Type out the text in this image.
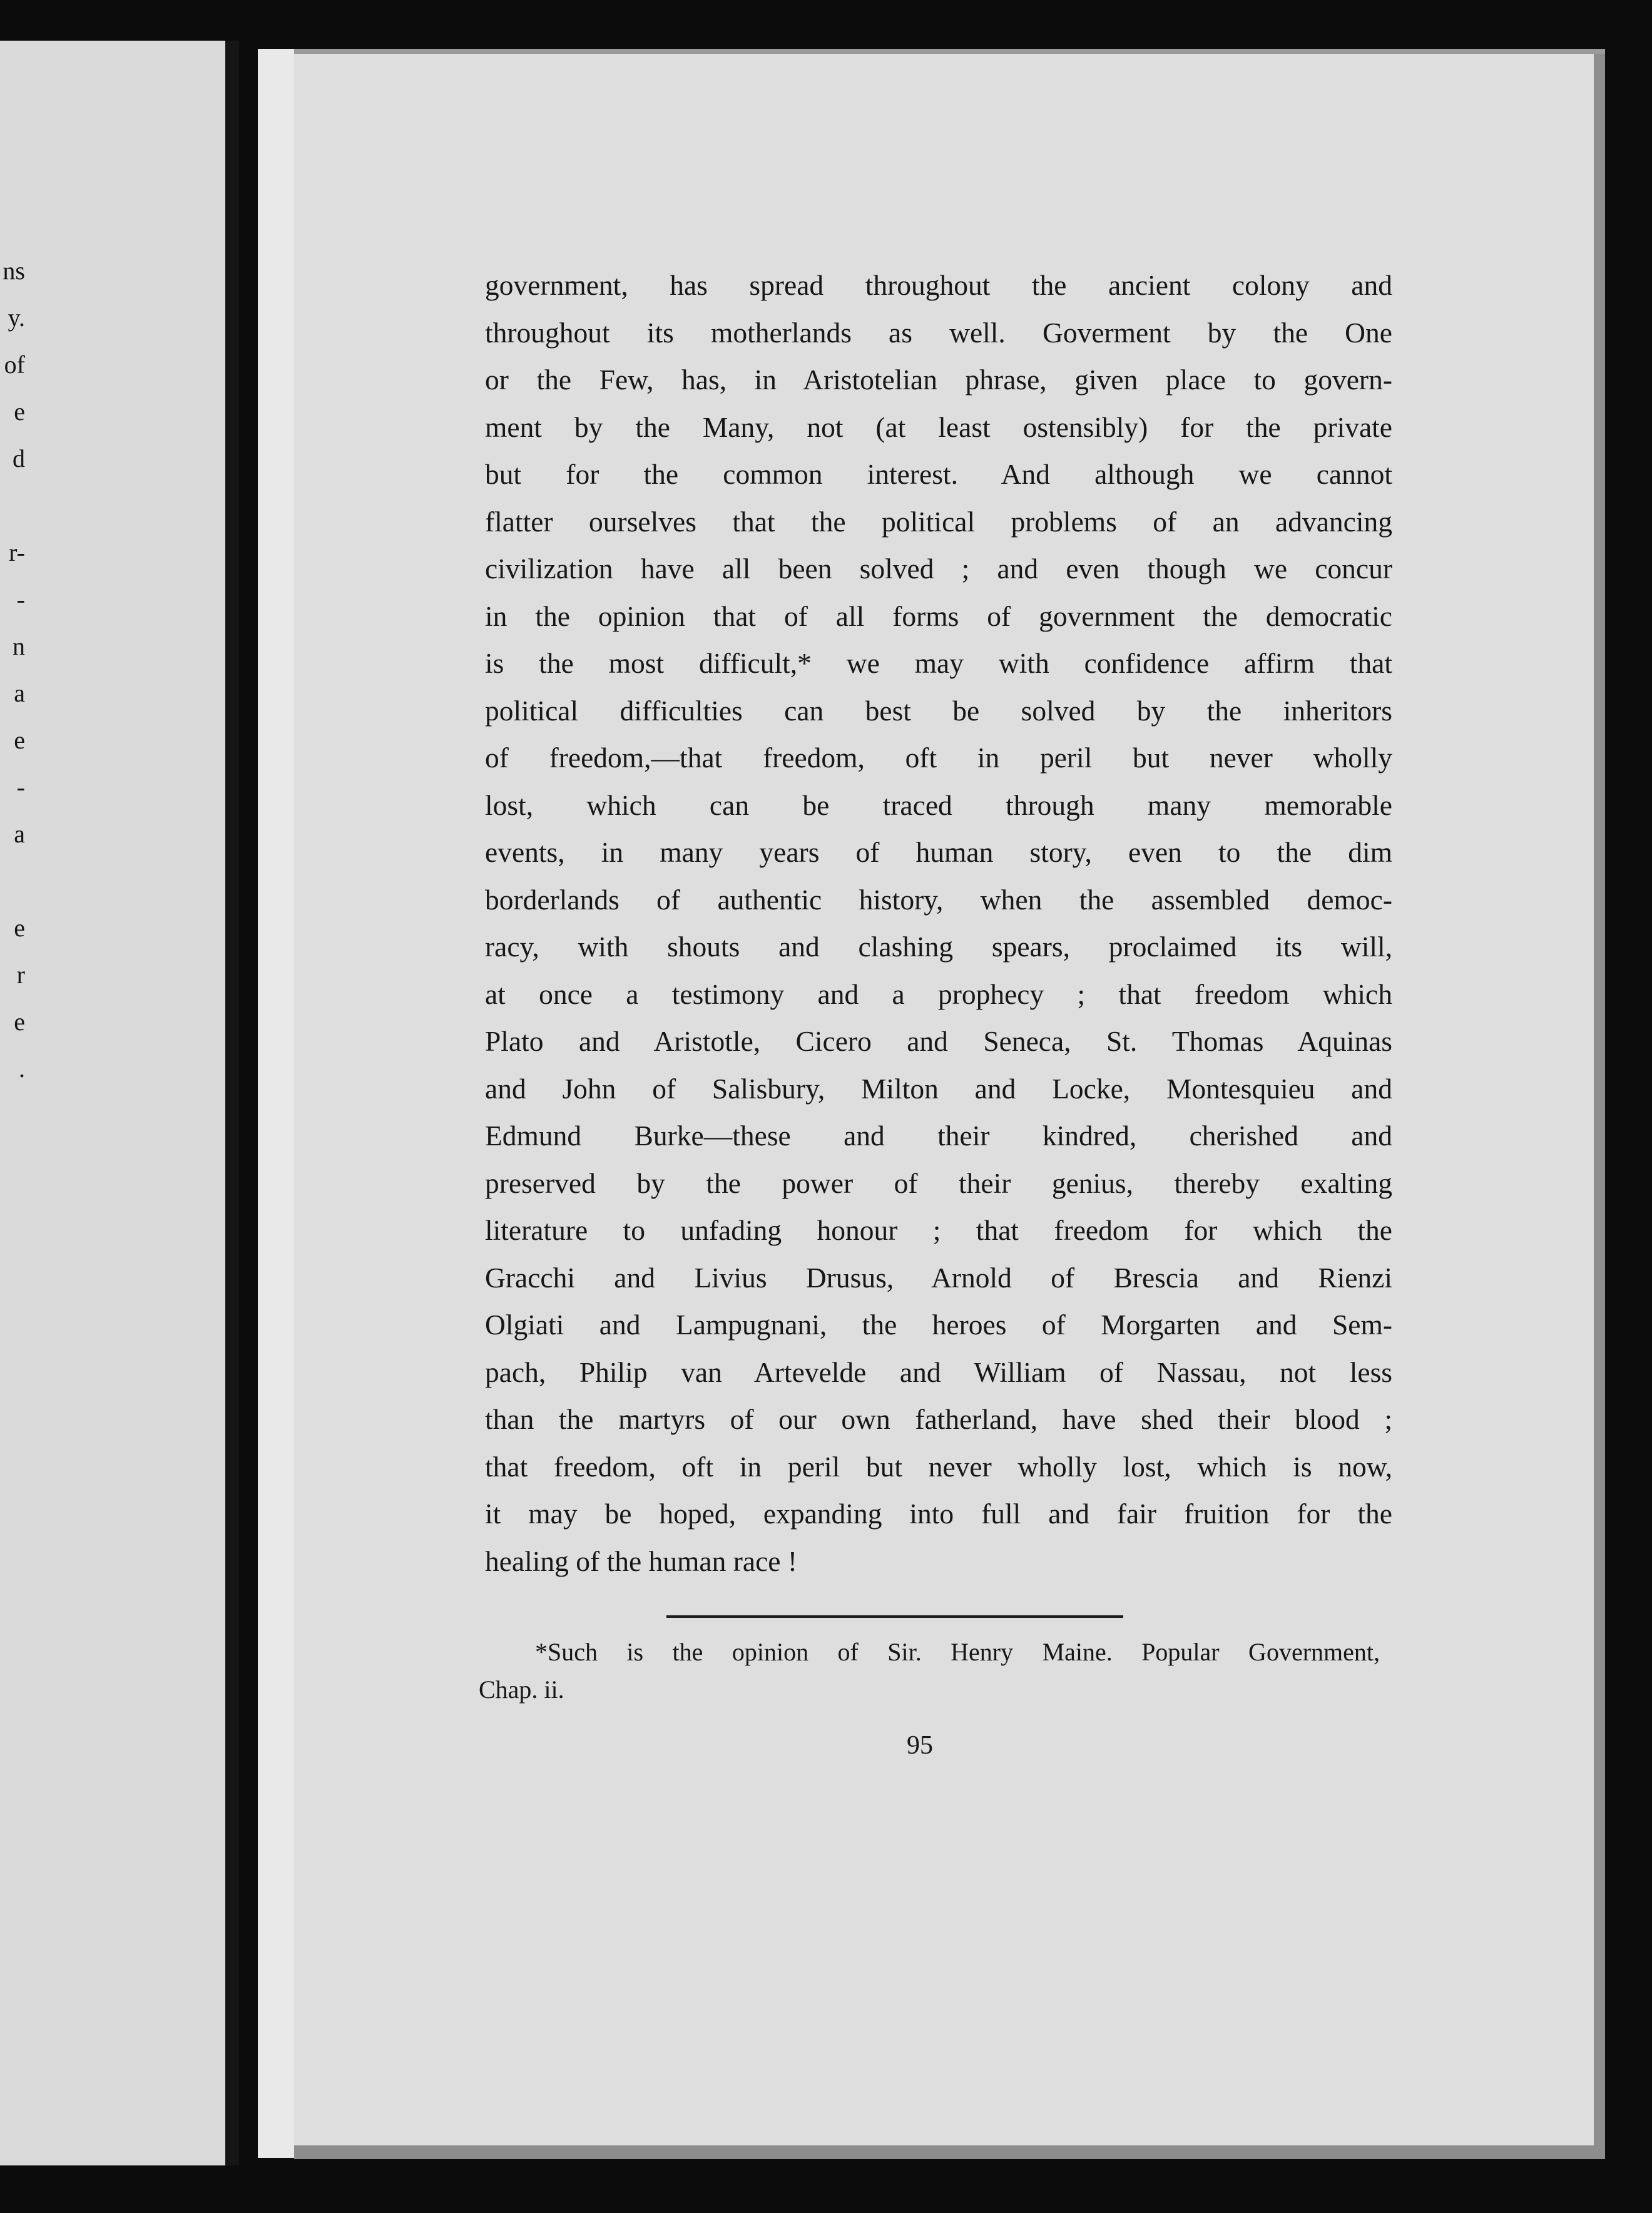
ns
y.
of
e
d
r-
-
n
a
e
-
a
e
r
e
.
government, has spread throughout the ancient colony and
throughout its motherlands as well. Goverment by the One
or the Few, has, in Aristotelian phrase, given place to govern-
ment by the Many, not (at least ostensibly) for the private
but for the common interest. And although we cannot
flatter ourselves that the political problems of an advancing
civilization have all been solved ; and even though we concur
in the opinion that of all forms of government the democratic
is the most difficult,* we may with confidence affirm that
political difficulties can best be solved by the inheritors
of freedom,—that freedom, oft in peril but never wholly
lost, which can be traced through many memorable
events, in many years of human story, even to the dim
borderlands of authentic history, when the assembled democ-
racy, with shouts and clashing spears, proclaimed its will,
at once a testimony and a prophecy ; that freedom which
Plato and Aristotle, Cicero and Seneca, St. Thomas Aquinas
and John of Salisbury, Milton and Locke, Montesquieu and
Edmund Burke—these and their kindred, cherished and
preserved by the power of their genius, thereby exalting
literature to unfading honour ; that freedom for which the
Gracchi and Livius Drusus, Arnold of Brescia and Rienzi
Olgiati and Lampugnani, the heroes of Morgarten and Sem-
pach, Philip van Artevelde and William of Nassau, not less
than the martyrs of our own fatherland, have shed their blood ;
that freedom, oft in peril but never wholly lost, which is now,
it may be hoped, expanding into full and fair fruition for the
healing of the human race !
*Such is the opinion of Sir. Henry Maine. Popular Government,
Chap. ii.
95
